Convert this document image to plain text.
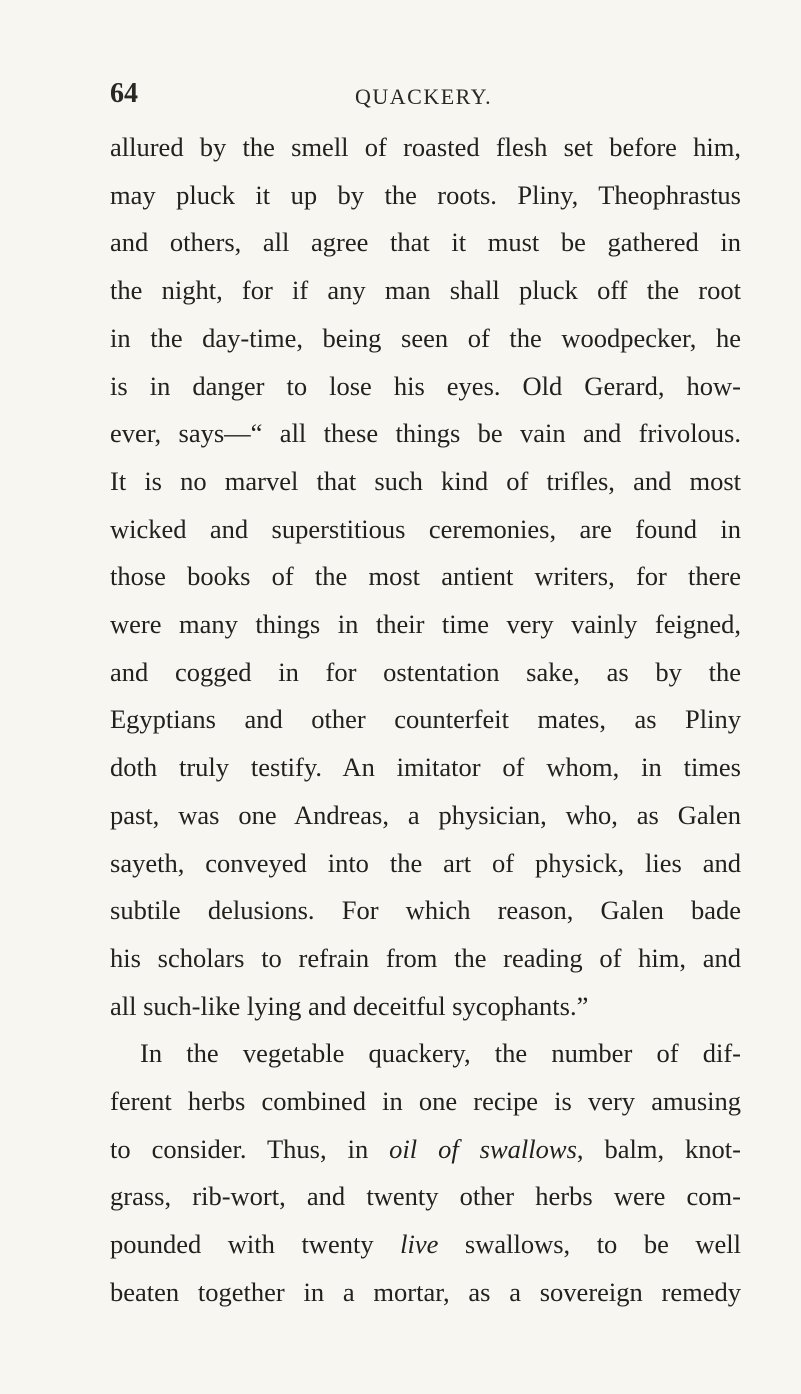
64	QUACKERY.
allured by the smell of roasted flesh set before him,
may pluck it up by the roots. Pliny, Theophrastus
and others, all agree that it must be gathered in
the night, for if any man shall pluck off the root
in the day-time, being seen of the woodpecker, he
is in danger to lose his eyes. Old Gerard, how-
ever, says—“ all these things be vain and frivolous.
It is no marvel that such kind of trifles, and most
wicked and superstitious ceremonies, are found in
those books of the most antient writers, for there
were many things in their time very vainly feigned,
and cogged in for ostentation sake, as by the
Egyptians and other counterfeit mates, as Pliny
doth truly testify. An imitator of whom, in times
past, was one Andreas, a physician, who, as Galen
sayeth, conveyed into the art of physick, lies and
subtile delusions. For which reason, Galen bade
his scholars to refrain from the reading of him, and
all such-like lying and deceitful sycophants.”
In the vegetable quackery, the number of dif-
ferent herbs combined in one recipe is very amusing
to consider. Thus, in oil of swallows, balm, knot-
grass, rib-wort, and twenty other herbs were com-
pounded with twenty live swallows, to be well
beaten together in a mortar, as a sovereign remedy
